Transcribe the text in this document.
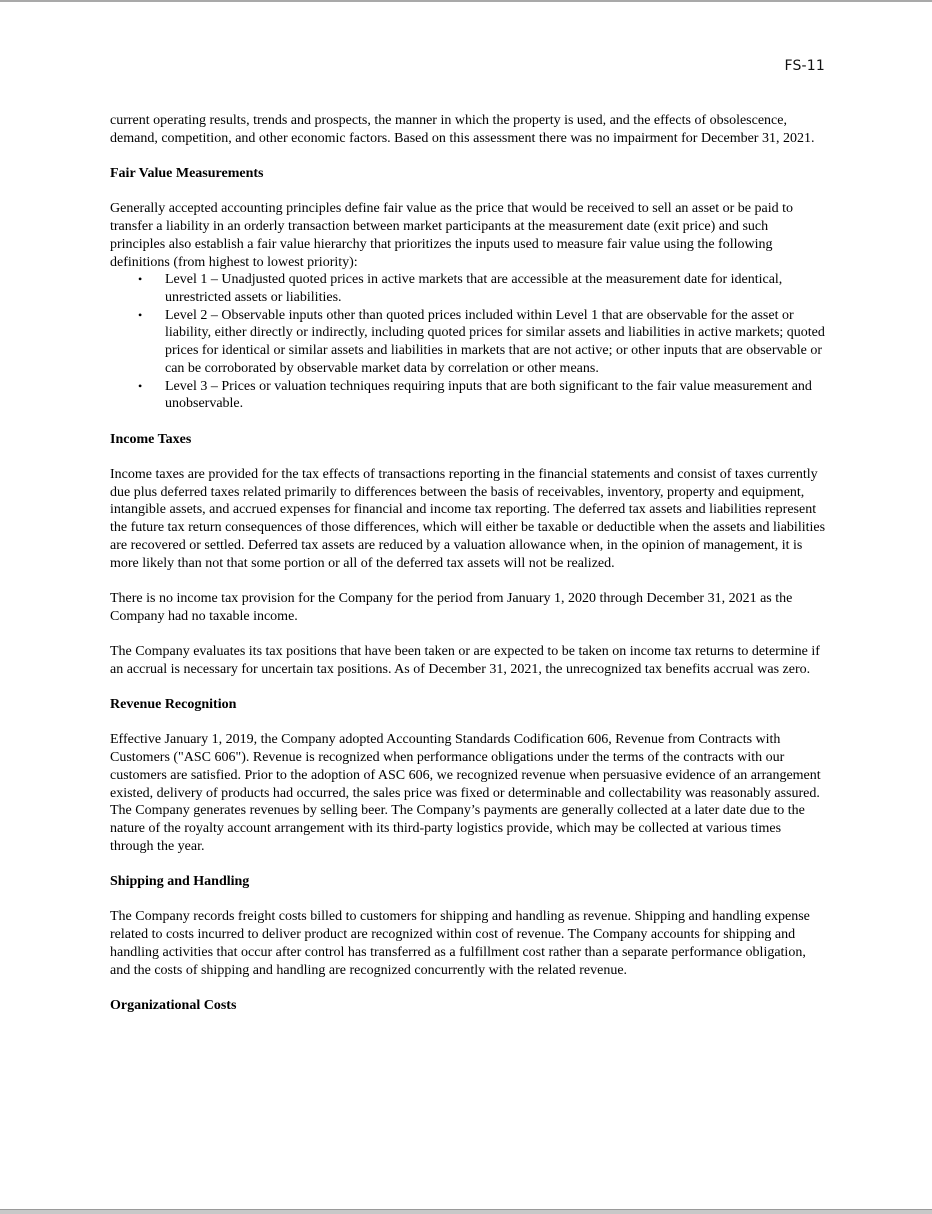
FS-11

current operating results, trends and prospects, the manner in which the property is used, and the effects of obsolescence, demand, competition, and other economic factors. Based on this assessment there was no impairment for December 31, 2021.

Fair Value Measurements

Generally accepted accounting principles define fair value as the price that would be received to sell an asset or be paid to transfer a liability in an orderly transaction between market participants at the measurement date (exit price) and such principles also establish a fair value hierarchy that prioritizes the inputs used to measure fair value using the following definitions (from highest to lowest priority):

• Level 1 – Unadjusted quoted prices in active markets that are accessible at the measurement date for identical, unrestricted assets or liabilities.
• Level 2 – Observable inputs other than quoted prices included within Level 1 that are observable for the asset or liability, either directly or indirectly, including quoted prices for similar assets and liabilities in active markets; quoted prices for identical or similar assets and liabilities in markets that are not active; or other inputs that are observable or can be corroborated by observable market data by correlation or other means.
• Level 3 – Prices or valuation techniques requiring inputs that are both significant to the fair value measurement and unobservable.
Income Taxes

Income taxes are provided for the tax effects of transactions reporting in the financial statements and consist of taxes currently due plus deferred taxes related primarily to differences between the basis of receivables, inventory, property and equipment, intangible assets, and accrued expenses for financial and income tax reporting. The deferred tax assets and liabilities represent the future tax return consequences of those differences, which will either be taxable or deductible when the assets and liabilities are recovered or settled. Deferred tax assets are reduced by a valuation allowance when, in the opinion of management, it is more likely than not that some portion or all of the deferred tax assets will not be realized.

There is no income tax provision for the Company for the period from January 1, 2020 through December 31, 2021 as the Company had no taxable income.

The Company evaluates its tax positions that have been taken or are expected to be taken on income tax returns to determine if an accrual is necessary for uncertain tax positions. As of December 31, 2021, the unrecognized tax benefits accrual was zero.

Revenue Recognition

Effective January 1, 2019, the Company adopted Accounting Standards Codification 606, Revenue from Contracts with Customers ("ASC 606"). Revenue is recognized when performance obligations under the terms of the contracts with our customers are satisfied. Prior to the adoption of ASC 606, we recognized revenue when persuasive evidence of an arrangement existed, delivery of products had occurred, the sales price was fixed or determinable and collectability was reasonably assured. The Company generates revenues by selling beer. The Company’s payments are generally collected at a later date due to the nature of the royalty account arrangement with its third-party logistics provide, which may be collected at various times through the year.

Shipping and Handling

The Company records freight costs billed to customers for shipping and handling as revenue. Shipping and handling expense related to costs incurred to deliver product are recognized within cost of revenue. The Company accounts for shipping and handling activities that occur after control has transferred as a fulfillment cost rather than a separate performance obligation, and the costs of shipping and handling are recognized concurrently with the related revenue.

Organizational Costs
